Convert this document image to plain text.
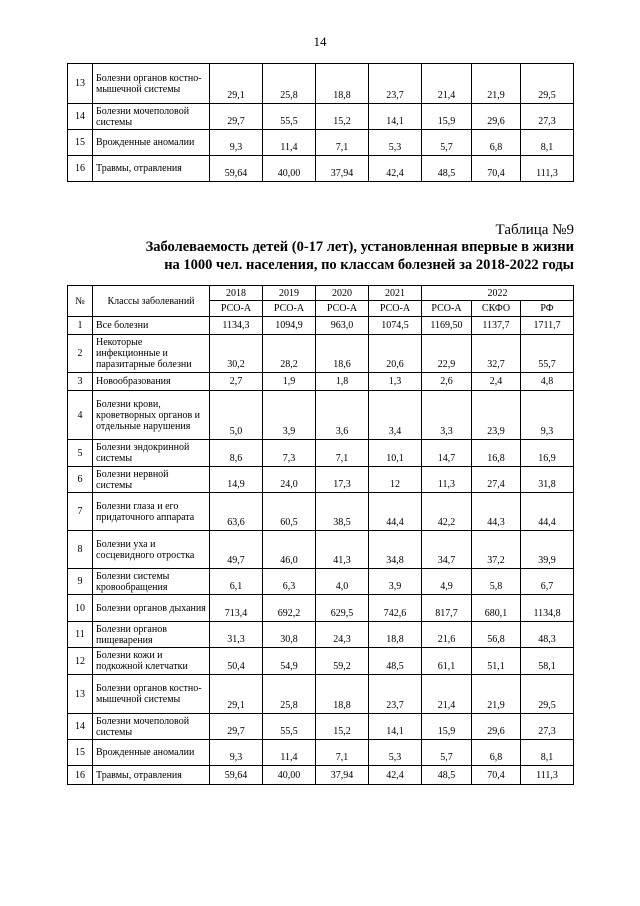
14
13	Болезни органов костно-мышечной системы	29,1	25,8	18,8	23,7	21,4	21,9	29,5
14	Болезни мочеполовой системы	29,7	55,5	15,2	14,1	15,9	29,6	27,3
15	Врожденные аномалии	9,3	11,4	7,1	5,3	5,7	6,8	8,1
16	Травмы, отравления	59,64	40,00	37,94	42,4	48,5	70,4	111,3
Таблица №9
Заболеваемость детей (0-17 лет), установленная впервые в жизни
на 1000 чел. населения, по классам болезней за 2018-2022 годы
№	Классы заболеваний	2018	2019	2020	2021	2022		
		РСО-А	РСО-А	РСО-А	РСО-А	РСО-А	СКФО	РФ
1	Все болезни	1134,3	1094,9	963,0	1074,5	1169,50	1137,7	1711,7
2	Некоторые инфекционные и паразитарные болезни	30,2	28,2	18,6	20,6	22,9	32,7	55,7
3	Новообразования	2,7	1,9	1,8	1,3	2,6	2,4	4,8
4	Болезни крови, кроветворных органов и отдельные нарушения	5,0	3,9	3,6	3,4	3,3	23,9	9,3
5	Болезни эндокринной системы	8,6	7,3	7,1	10,1	14,7	16,8	16,9
6	Болезни нервной системы	14,9	24,0	17,3	12	11,3	27,4	31,8
7	Болезни глаза и его придаточного аппарата	63,6	60,5	38,5	44,4	42,2	44,3	44,4
8	Болезни уха и сосцевидного отростка	49,7	46,0	41,3	34,8	34,7	37,2	39,9
9	Болезни системы кровообращения	6,1	6,3	4,0	3,9	4,9	5,8	6,7
10	Болезни органов дыхания	713,4	692,2	629,5	742,6	817,7	680,1	1134,8
11	Болезни органов пищеварения	31,3	30,8	24,3	18,8	21,6	56,8	48,3
12	Болезни кожи и подкожной клетчатки	50,4	54,9	59,2	48,5	61,1	51,1	58,1
13	Болезни органов костно-мышечной системы	29,1	25,8	18,8	23,7	21,4	21,9	29,5
14	Болезни мочеполовой системы	29,7	55,5	15,2	14,1	15,9	29,6	27,3
15	Врожденные аномалии	9,3	11,4	7,1	5,3	5,7	6,8	8,1
16	Травмы, отравления	59,64	40,00	37,94	42,4	48,5	70,4	111,3
